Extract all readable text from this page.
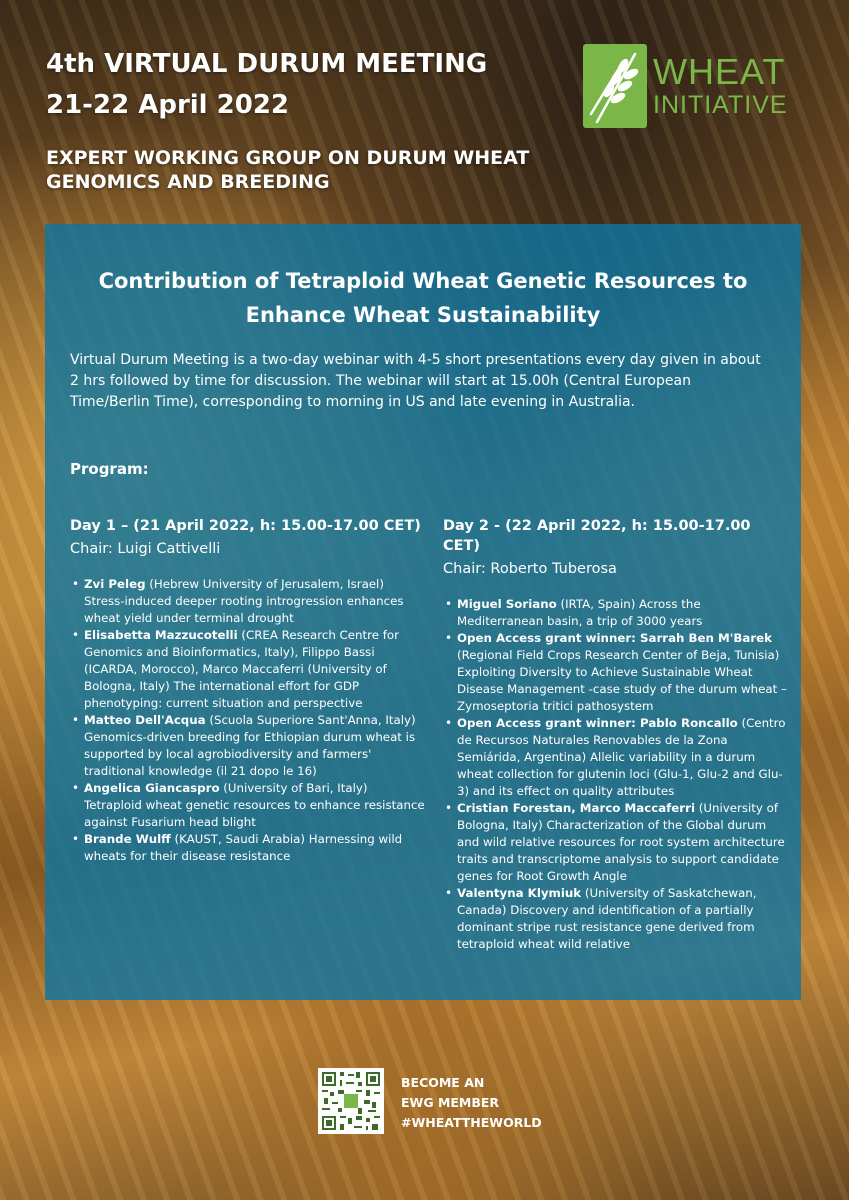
4th VIRTUAL DURUM MEETING
21-22 April 2022
EXPERT WORKING GROUP ON DURUM WHEAT GENOMICS AND BREEDING
WHEAT
INITIATIVE
Contribution of Tetraploid Wheat Genetic Resources to Enhance Wheat Sustainability
Virtual Durum Meeting is a two-day webinar with 4-5 short presentations every day given in about 2 hrs followed by time for discussion. The webinar will start at 15.00h (Central European Time/Berlin Time), corresponding to morning in US and late evening in Australia.
Program:
Day 1 – (21 April 2022, h: 15.00-17.00 CET)
Chair: Luigi Cattivelli
• Zvi Peleg (Hebrew University of Jerusalem, Israel) Stress-induced deeper rooting introgression enhances wheat yield under terminal drought
• Elisabetta Mazzucotelli (CREA Research Centre for Genomics and Bioinformatics, Italy), Filippo Bassi (ICARDA, Morocco), Marco Maccaferri (University of Bologna, Italy) The international effort for GDP phenotyping: current situation and perspective
• Matteo Dell'Acqua (Scuola Superiore Sant'Anna, Italy) Genomics-driven breeding for Ethiopian durum wheat is supported by local agrobiodiversity and farmers' traditional knowledge (il 21 dopo le 16)
• Angelica Giancaspro (University of Bari, Italy) Tetraploid wheat genetic resources to enhance resistance against Fusarium head blight
• Brande Wulff (KAUST, Saudi Arabia) Harnessing wild wheats for their disease resistance
Day 2 - (22 April 2022, h: 15.00-17.00 CET)
Chair: Roberto Tuberosa
• Miguel Soriano (IRTA, Spain) Across the Mediterranean basin, a trip of 3000 years
• Open Access grant winner: Sarrah Ben M'Barek (Regional Field Crops Research Center of Beja, Tunisia) Exploiting Diversity to Achieve Sustainable Wheat Disease Management -case study of the durum wheat – Zymoseptoria tritici pathosystem
• Open Access grant winner: Pablo Roncallo (Centro de Recursos Naturales Renovables de la Zona Semiárida, Argentina) Allelic variability in a durum wheat collection for glutenin loci (Glu-1, Glu-2 and Glu-3) and its effect on quality attributes
• Cristian Forestan, Marco Maccaferri (University of Bologna, Italy) Characterization of the Global durum and wild relative resources for root system architecture traits and transcriptome analysis to support candidate genes for Root Growth Angle
• Valentyna Klymiuk (University of Saskatchewan, Canada) Discovery and identification of a partially dominant stripe rust resistance gene derived from tetraploid wheat wild relative
BECOME AN
EWG MEMBER
#WHEATTHEWORLD
